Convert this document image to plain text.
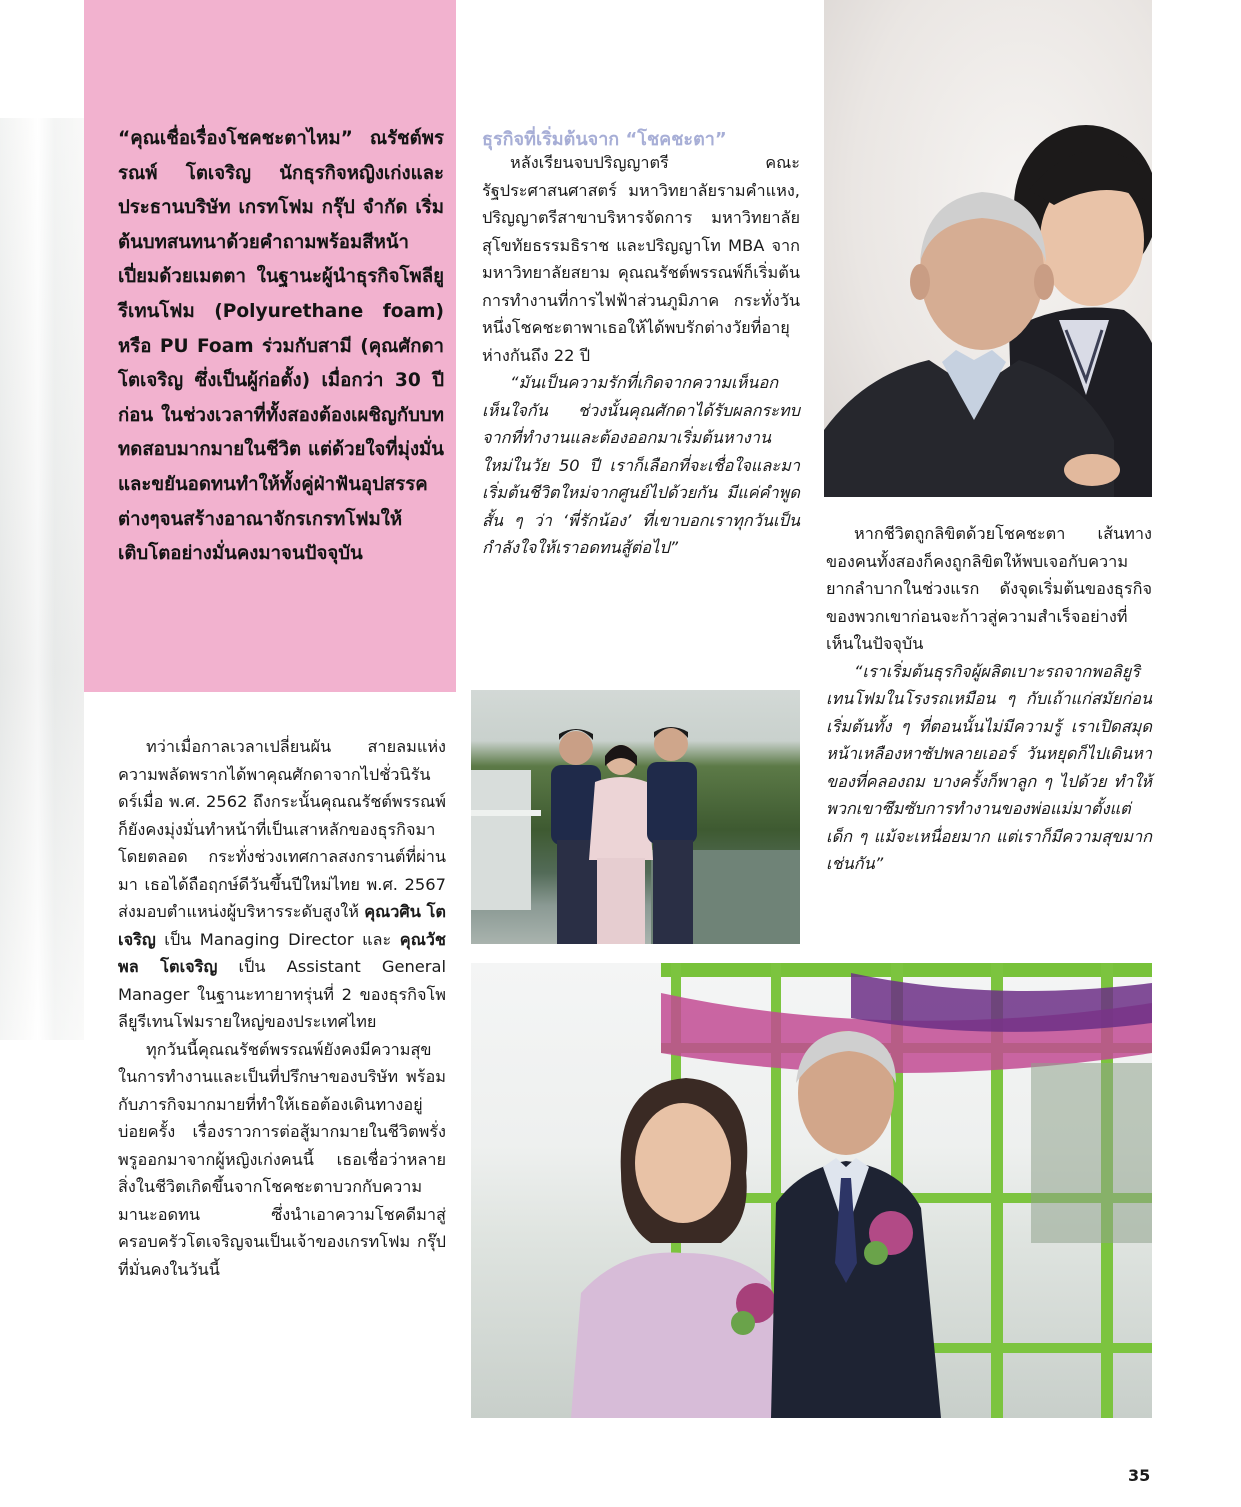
“คุณเชื่อเรื่องโชคชะตาไหม” ณรัชต์พรรณพ์ โตเจริญ นักธุรกิจหญิงเก่งและประธานบริษัท เกรทโฟม กรุ๊ป จำกัด เริ่มต้นบทสนทนาด้วยคำถามพร้อมสีหน้าเปี่ยมด้วยเมตตา ในฐานะผู้นำธุรกิจโพลียูรีเทนโฟม (Polyurethane foam) หรือ PU Foam ร่วมกับสามี (คุณศักดา โตเจริญ ซึ่งเป็นผู้ก่อตั้ง) เมื่อกว่า 30 ปีก่อน ในช่วงเวลาที่ทั้งสองต้องเผชิญกับบททดสอบมากมายในชีวิต แต่ด้วยใจที่มุ่งมั่นและขยันอดทนทำให้ทั้งคู่ฝ่าฟันอุปสรรคต่างๆจนสร้างอาณาจักรเกรทโฟมให้เติบโตอย่างมั่นคงมาจนปัจจุบัน
ธุรกิจที่เริ่มต้นจาก “โชคชะตา”

หลังเรียนจบปริญญาตรี คณะรัฐประศาสนศาสตร์ มหาวิทยาลัยรามคำแหง, ปริญญาตรีสาขาบริหารจัดการ มหาวิทยาลัยสุโขทัยธรรมธิราช และปริญญาโท MBA จากมหาวิทยาลัยสยาม คุณณรัชต์พรรณพ์ก็เริ่มต้นการทำงานที่การไฟฟ้าส่วนภูมิภาค กระทั่งวันหนึ่งโชคชะตาพาเธอให้ได้พบรักต่างวัยที่อายุห่างกันถึง 22 ปี

“มันเป็นความรักที่เกิดจากความเห็นอกเห็นใจกัน ช่วงนั้นคุณศักดาได้รับผลกระทบจากที่ทำงานและต้องออกมาเริ่มต้นหางานใหม่ในวัย 50 ปี เราก็เลือกที่จะเชื่อใจและมาเริ่มต้นชีวิตใหม่จากศูนย์ไปด้วยกัน มีแค่คำพูดสั้น ๆ ว่า ‘พี่รักน้อง’ ที่เขาบอกเราทุกวันเป็นกำลังใจให้เราอดทนสู้ต่อไป”

หากชีวิตถูกลิขิตด้วยโชคชะตา เส้นทางของคนทั้งสองก็คงถูกลิขิตให้พบเจอกับความยากลำบากในช่วงแรก ดังจุดเริ่มต้นของธุรกิจของพวกเขาก่อนจะก้าวสู่ความสำเร็จอย่างที่เห็นในปัจจุบัน

“เราเริ่มต้นธุรกิจผู้ผลิตเบาะรถจากพอลิยูริเทนโฟมในโรงรถเหมือน ๆ กับเถ้าแก่สมัยก่อน เริ่มต้นทั้ง ๆ ที่ตอนนั้นไม่มีความรู้ เราเปิดสมุดหน้าเหลืองหาซัปพลายเออร์ วันหยุดก็ไปเดินหาของที่คลองถม บางครั้งก็พาลูก ๆ ไปด้วย ทำให้พวกเขาซึมซับการทำงานของพ่อแม่มาตั้งแต่เด็ก ๆ แม้จะเหนื่อยมาก แต่เราก็มีความสุขมากเช่นกัน”

ทว่าเมื่อกาลเวลาเปลี่ยนผัน สายลมแห่งความพลัดพรากได้พาคุณศักดาจากไปชั่วนิรันดร์เมื่อ พ.ศ. 2562 ถึงกระนั้นคุณณรัชต์พรรณพ์ก็ยังคงมุ่งมั่นทำหน้าที่เป็นเสาหลักของธุรกิจมาโดยตลอด กระทั่งช่วงเทศกาลสงกรานต์ที่ผ่านมา เธอได้ถือฤกษ์ดีวันขึ้นปีใหม่ไทย พ.ศ. 2567 ส่งมอบตำแหน่งผู้บริหารระดับสูงให้ คุณวศิน โตเจริญ เป็น Managing Director และ คุณวัชพล โตเจริญ เป็น Assistant General Manager ในฐานะทายาทรุ่นที่ 2 ของธุรกิจโพลียูรีเทนโฟมรายใหญ่ของประเทศไทย

ทุกวันนี้คุณณรัชต์พรรณพ์ยังคงมีความสุขในการทำงานและเป็นที่ปรึกษาของบริษัท พร้อมกับภารกิจมากมายที่ทำให้เธอต้องเดินทางอยู่บ่อยครั้ง เรื่องราวการต่อสู้มากมายในชีวิตพรั่งพรูออกมาจากผู้หญิงเก่งคนนี้ เธอเชื่อว่าหลายสิ่งในชีวิตเกิดขึ้นจากโชคชะตาบวกกับความมานะอดทน ซึ่งนำเอาความโชคดีมาสู่ครอบครัวโตเจริญจนเป็นเจ้าของเกรทโฟม กรุ๊ป ที่มั่นคงในวันนี้

35
